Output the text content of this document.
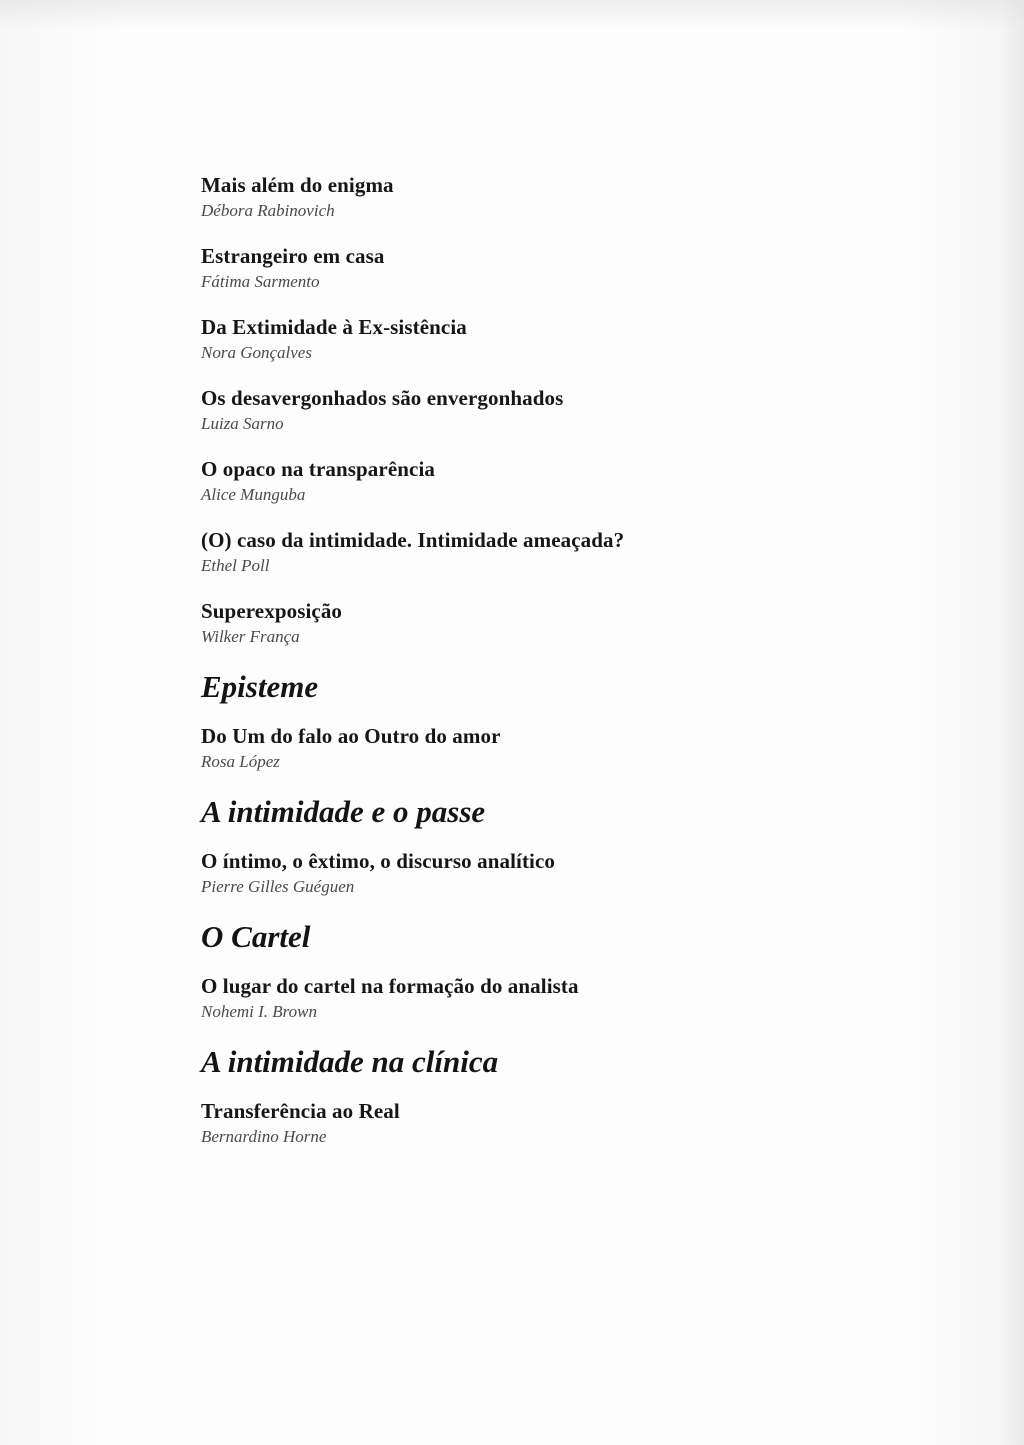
Mais além do enigma
Débora Rabinovich
Estrangeiro em casa
Fátima Sarmento
Da Extimidade à Ex-sistência
Nora Gonçalves
Os desavergonhados são envergonhados
Luiza Sarno
O opaco na transparência
Alice Munguba
(O) caso da intimidade. Intimidade ameaçada?
Ethel Poll
Superexposição
Wilker França
Episteme
Do Um do falo ao Outro do amor
Rosa López
A intimidade e o passe
O íntimo, o êxtimo, o discurso analítico
Pierre Gilles Guéguen
O Cartel
O lugar do cartel na formação do analista
Nohemi I. Brown
A intimidade na clínica
Transferência ao Real
Bernardino Horne
